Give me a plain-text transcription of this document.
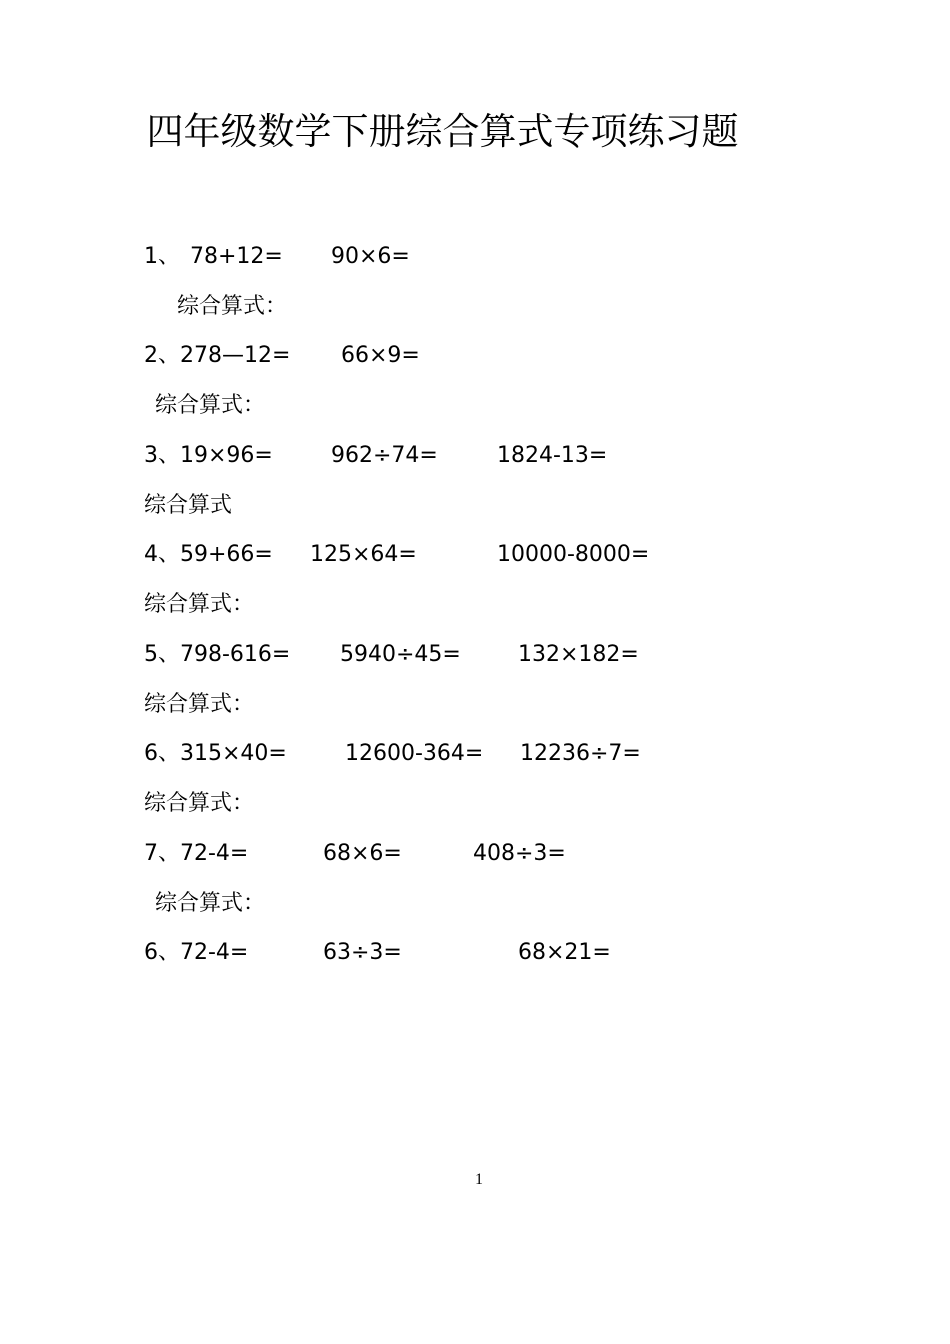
四年级数学下册综合算式专项练习题
1、 78+12= 90×6=
综合算式：
2、 278—12= 66×9=
综合算式：
3、 19×96=	962÷74=	1824-13=
综合算式
4、 59+66= 125×64=	10000-8000=
综合算式：
5、 798-616= 5940÷45=	132×182=
综合算式：
6、 315×40=	12600-364= 12236÷7=
综合算式：
7、 72-4=	68×6=	408÷3=
综合算式：
6、 72-4=	63÷3=	68×21=
1
